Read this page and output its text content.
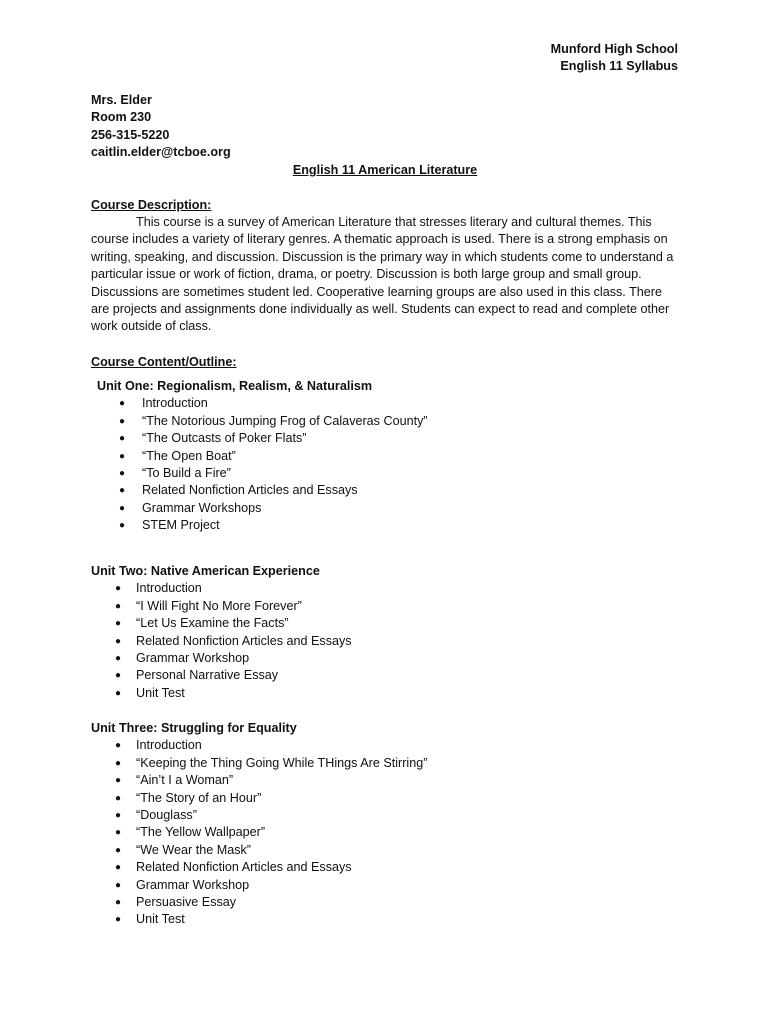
Munford High School
English 11 Syllabus
Mrs. Elder
Room 230
256-315-5220
caitlin.elder@tcboe.org
English 11 American Literature
Course Description:
This course is a survey of American Literature that stresses literary and cultural themes. This course includes a variety of literary genres. A thematic approach is used. There is a strong emphasis on writing, speaking, and discussion. Discussion is the primary way in which students come to understand a particular issue or work of fiction, drama, or poetry. Discussion is both large group and small group. Discussions are sometimes student led. Cooperative learning groups are also used in this class. There are projects and assignments done individually as well. Students can expect to read and complete other work outside of class.
Course Content/Outline:
Unit One: Regionalism, Realism, & Naturalism
● Introduction
● “The Notorious Jumping Frog of Calaveras County”
● “The Outcasts of Poker Flats”
● “The Open Boat”
● “To Build a Fire”
● Related Nonfiction Articles and Essays
● Grammar Workshops
● STEM Project
Unit Two: Native American Experience
● Introduction
● “I Will Fight No More Forever”
● “Let Us Examine the Facts”
● Related Nonfiction Articles and Essays
● Grammar Workshop
● Personal Narrative Essay
● Unit Test
Unit Three: Struggling for Equality
● Introduction
● “Keeping the Thing Going While THings Are Stirring”
● “Ain’t I a Woman”
● “The Story of an Hour”
● “Douglass”
● “The Yellow Wallpaper”
● “We Wear the Mask”
● Related Nonfiction Articles and Essays
● Grammar Workshop
● Persuasive Essay
● Unit Test
